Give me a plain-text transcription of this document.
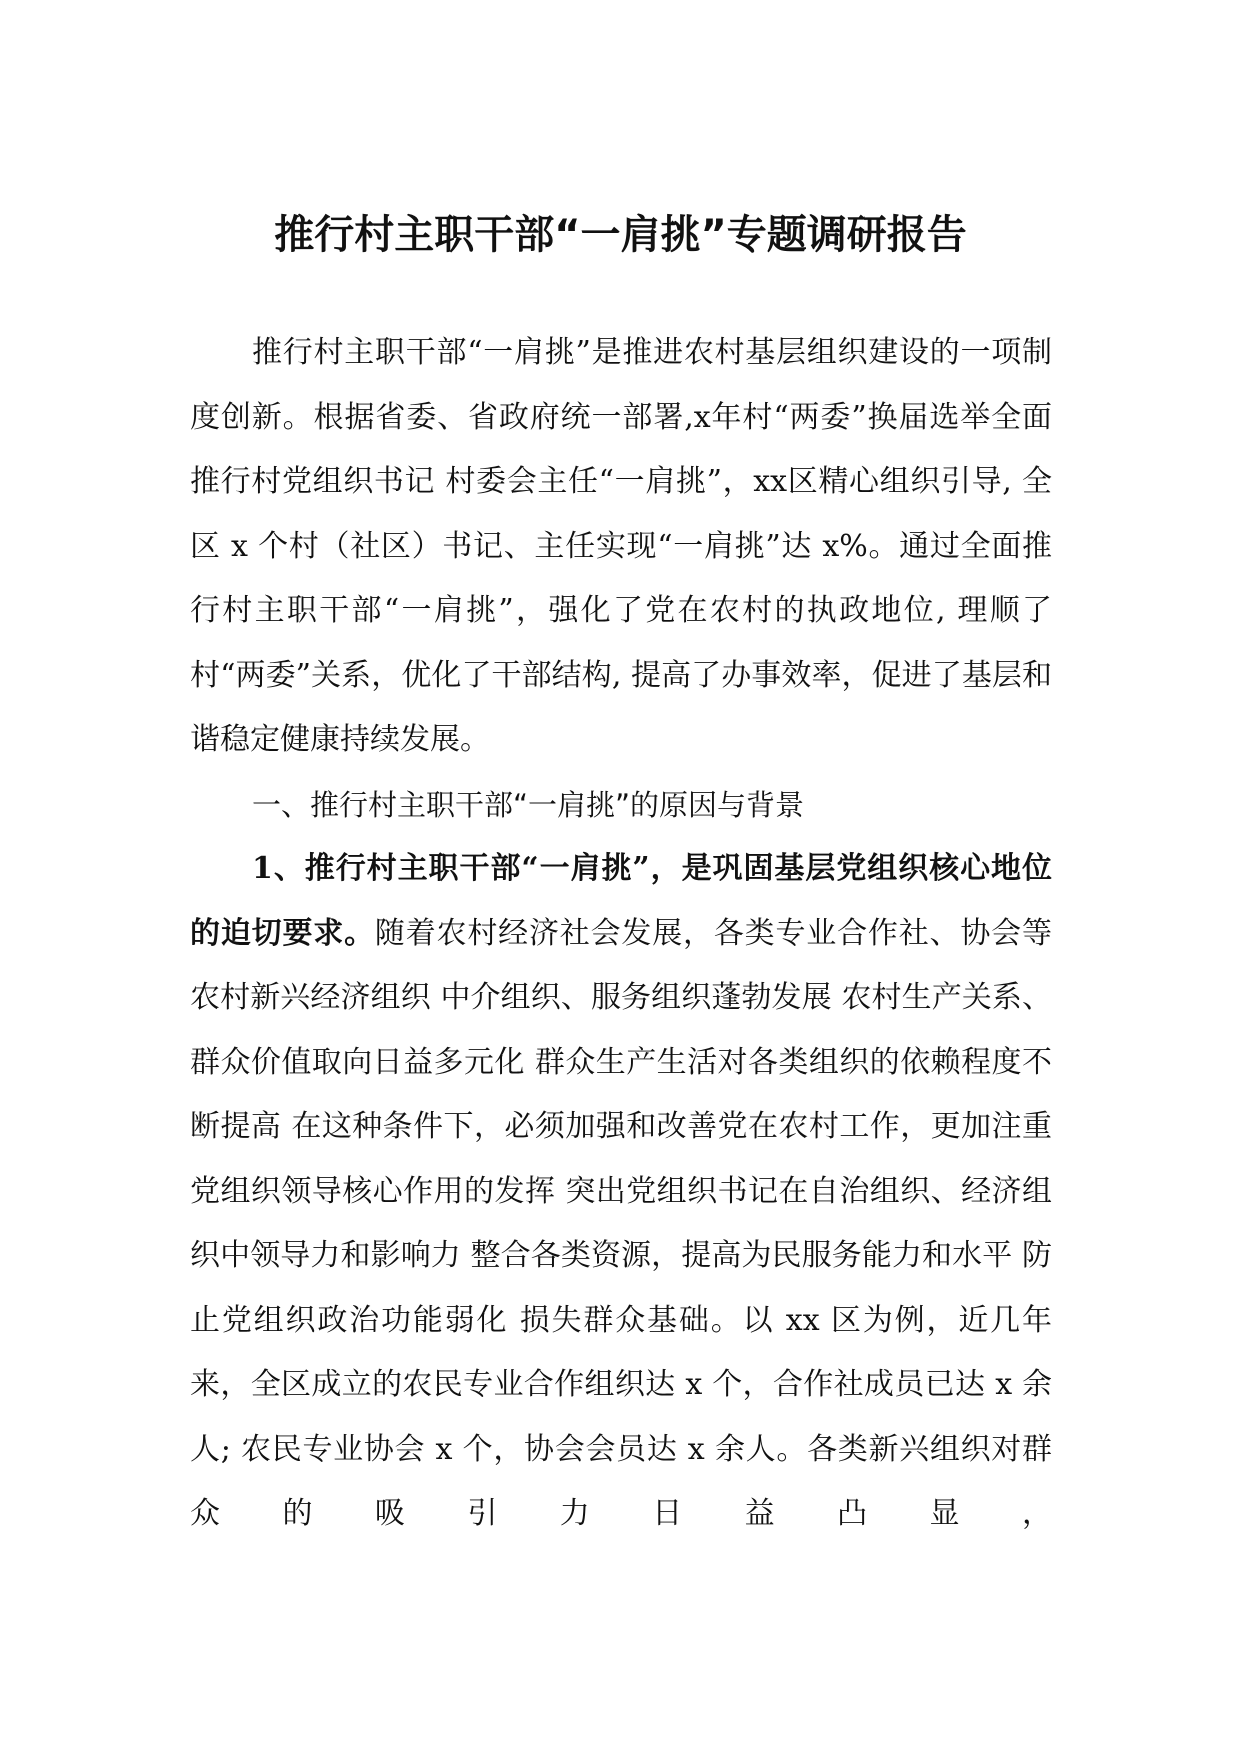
推行村主职干部“一肩挑”专题调研报告

推行村主职干部“一肩挑”是推进农村基层组织建设的一项制度创新。根据省委、省政府统一部署,x年村“两委”换届选举全面推行村党组织书记 村委会主任“一肩挑”，xx区精心组织引导, 全区 x 个村（社区）书记、主任实现“一肩挑”达 x%。通过全面推行村主职干部“一肩挑”，强化了党在农村的执政地位, 理顺了村“两委”关系，优化了干部结构, 提高了办事效率，促进了基层和谐稳定健康持续发展。

一、推行村主职干部“一肩挑”的原因与背景

1、推行村主职干部“一肩挑”，是巩固基层党组织核心地位的迫切要求。随着农村经济社会发展，各类专业合作社、协会等农村新兴经济组织 中介组织、服务组织蓬勃发展 农村生产关系、群众价值取向日益多元化 群众生产生活对各类组织的依赖程度不断提高 在这种条件下，必须加强和改善党在农村工作，更加注重党组织领导核心作用的发挥 突出党组织书记在自治组织、经济组织中领导力和影响力 整合各类资源，提高为民服务能力和水平 防止党组织政治功能弱化 损失群众基础。以 xx 区为例，近几年来，全区成立的农民专业合作组织达 x 个，合作社成员已达 x 余人; 农民专业协会 x 个，协会会员达 x 余人。各类新兴组织对群众的吸引力日益凸显，
